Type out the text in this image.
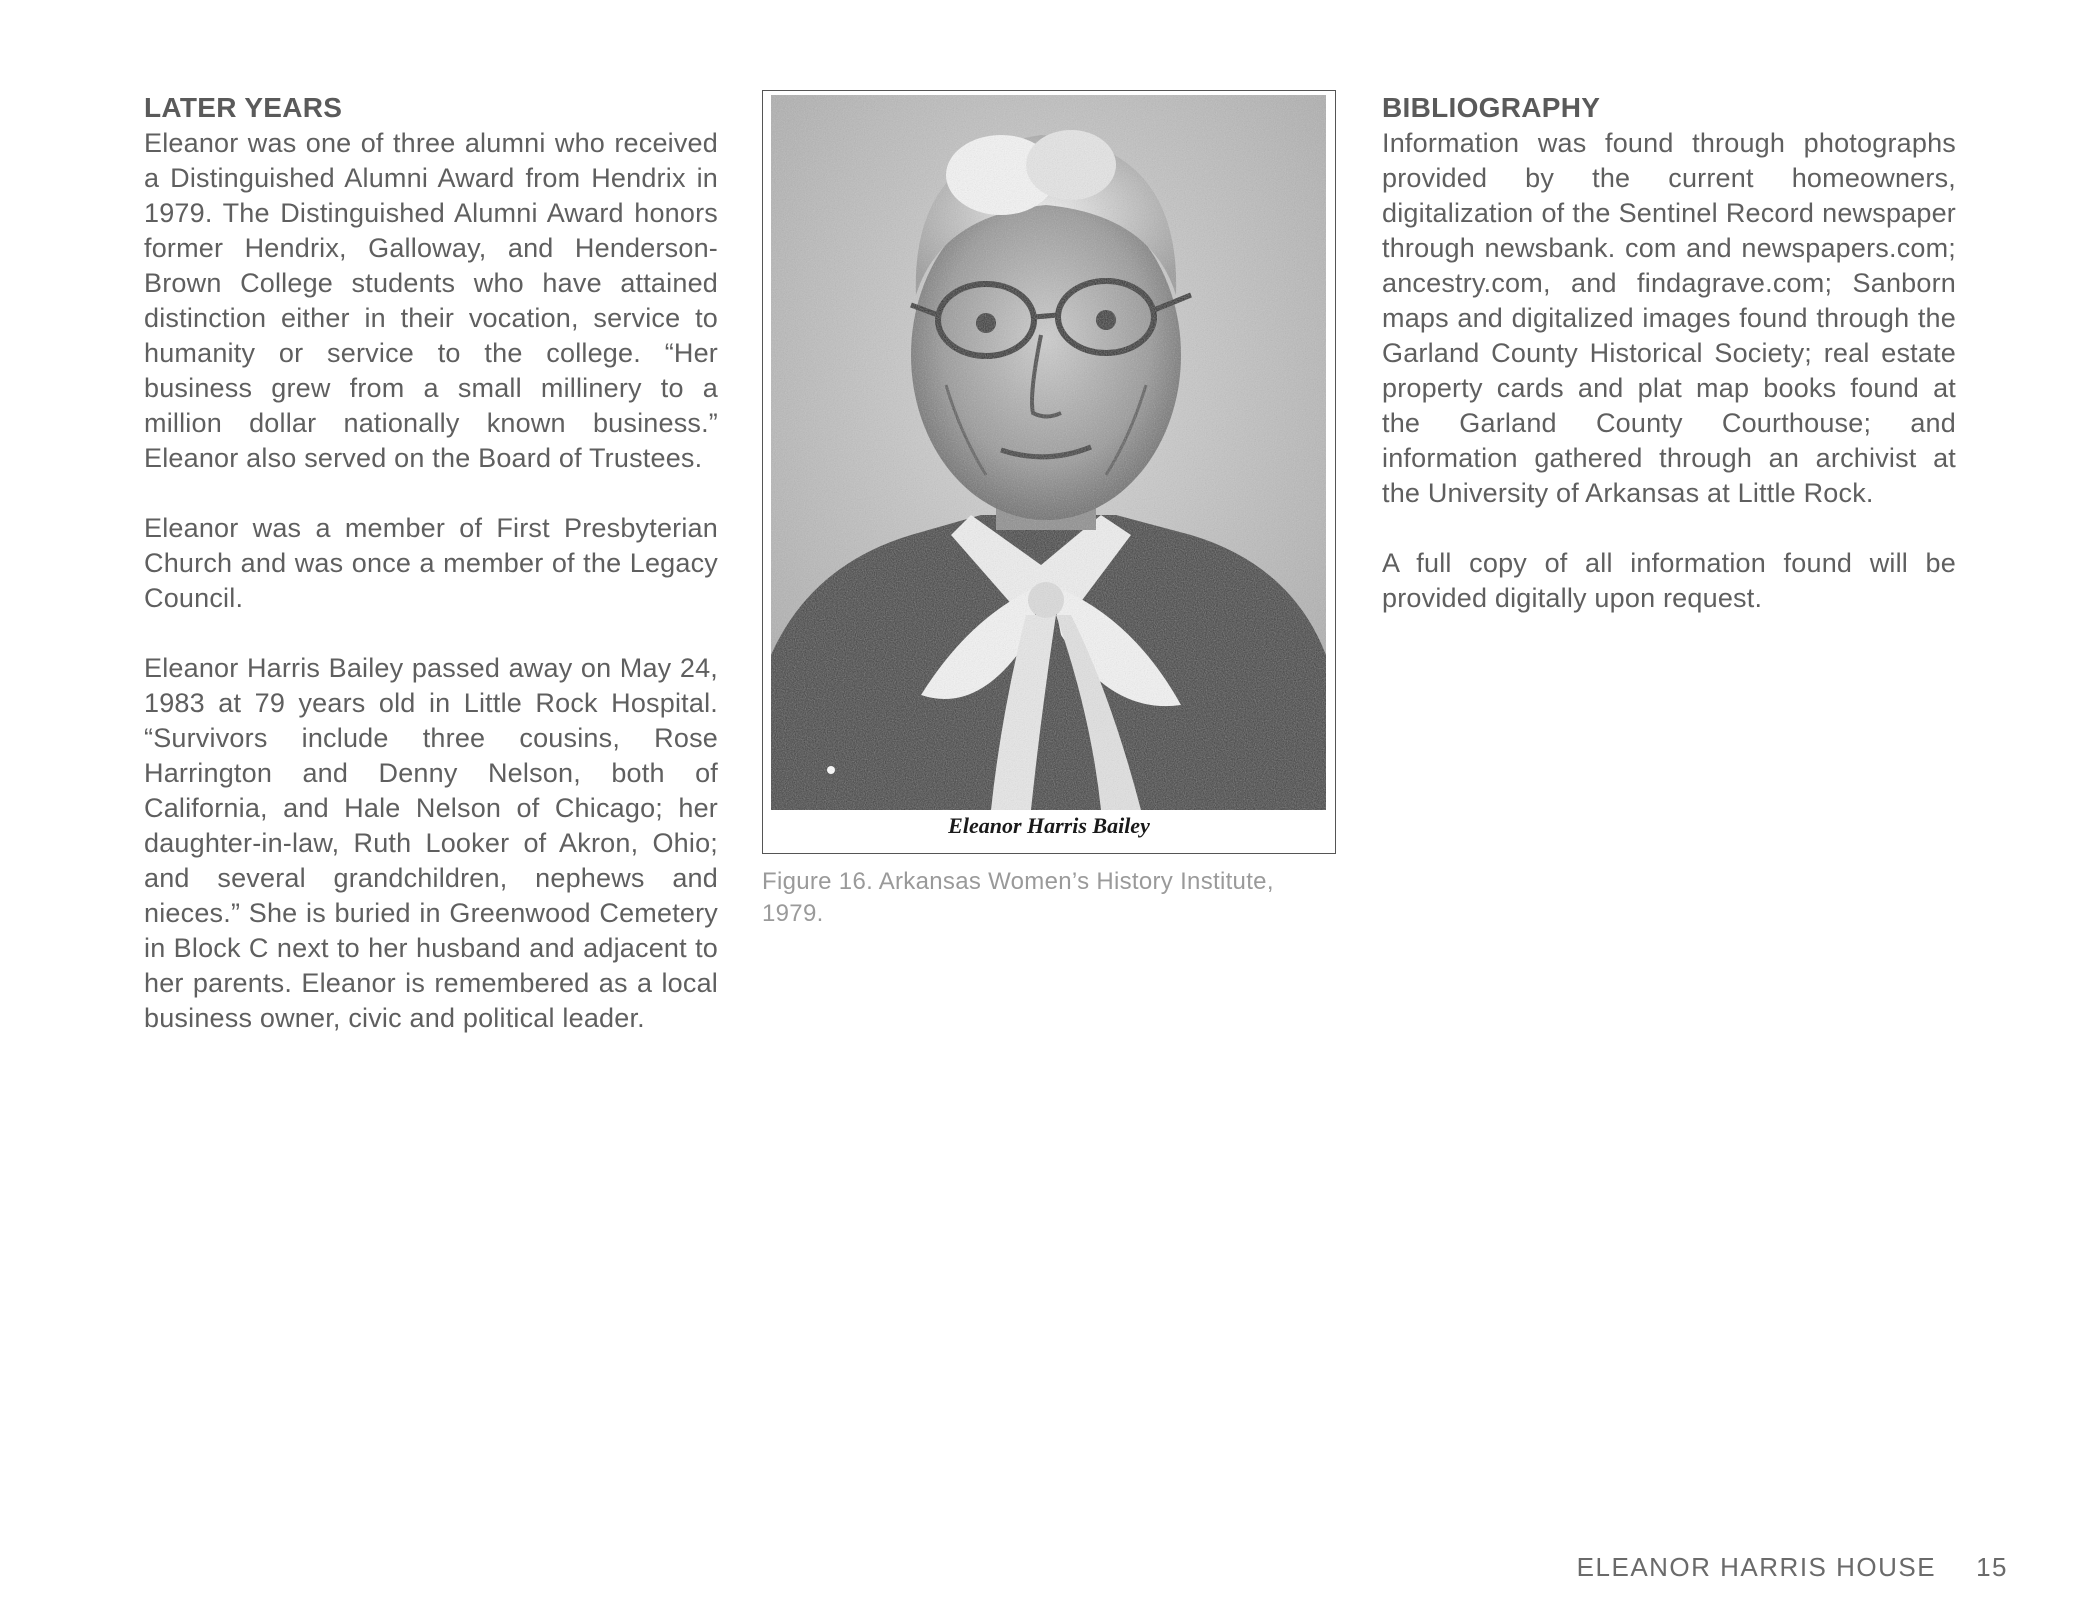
LATER YEARS

Eleanor was one of three alumni who received a Distinguished Alumni Award from Hendrix in 1979. The Distinguished Alumni Award honors former Hendrix, Galloway, and Henderson-Brown College students who have attained distinction either in their vocation, service to humanity or service to the college. “Her business grew from a small millinery to a million dollar nationally known business.” Eleanor also served on the Board of Trustees.

Eleanor was a member of First Presbyterian Church and was once a member of the Legacy Council.

Eleanor Harris Bailey passed away on May 24, 1983 at 79 years old in Little Rock Hospital. “Survivors include three cousins, Rose Harrington and Denny Nelson, both of California, and Hale Nelson of Chicago; her daughter-in-law, Ruth Looker of Akron, Ohio; and several grandchildren, nephews and nieces.” She is buried in Greenwood Cemetery in Block C next to her husband and adjacent to her parents. Eleanor is remembered as a local business owner, civic and political leader.

Eleanor Harris Bailey
Figure 16. Arkansas Women’s History Institute, 1979.
BIBLIOGRAPHY

Information was found through photographs provided by the current homeowners, digitalization of the Sentinel Record newspaper through newsbank. com and newspapers.com; ancestry.com, and findagrave.com; Sanborn maps and digitalized images found through the Garland County Historical Society; real estate property cards and plat map books found at the Garland County Courthouse; and information gathered through an archivist at the University of Arkansas at Little Rock.

A full copy of all information found will be provided digitally upon request.

ELEANOR HARRIS HOUSE 15
